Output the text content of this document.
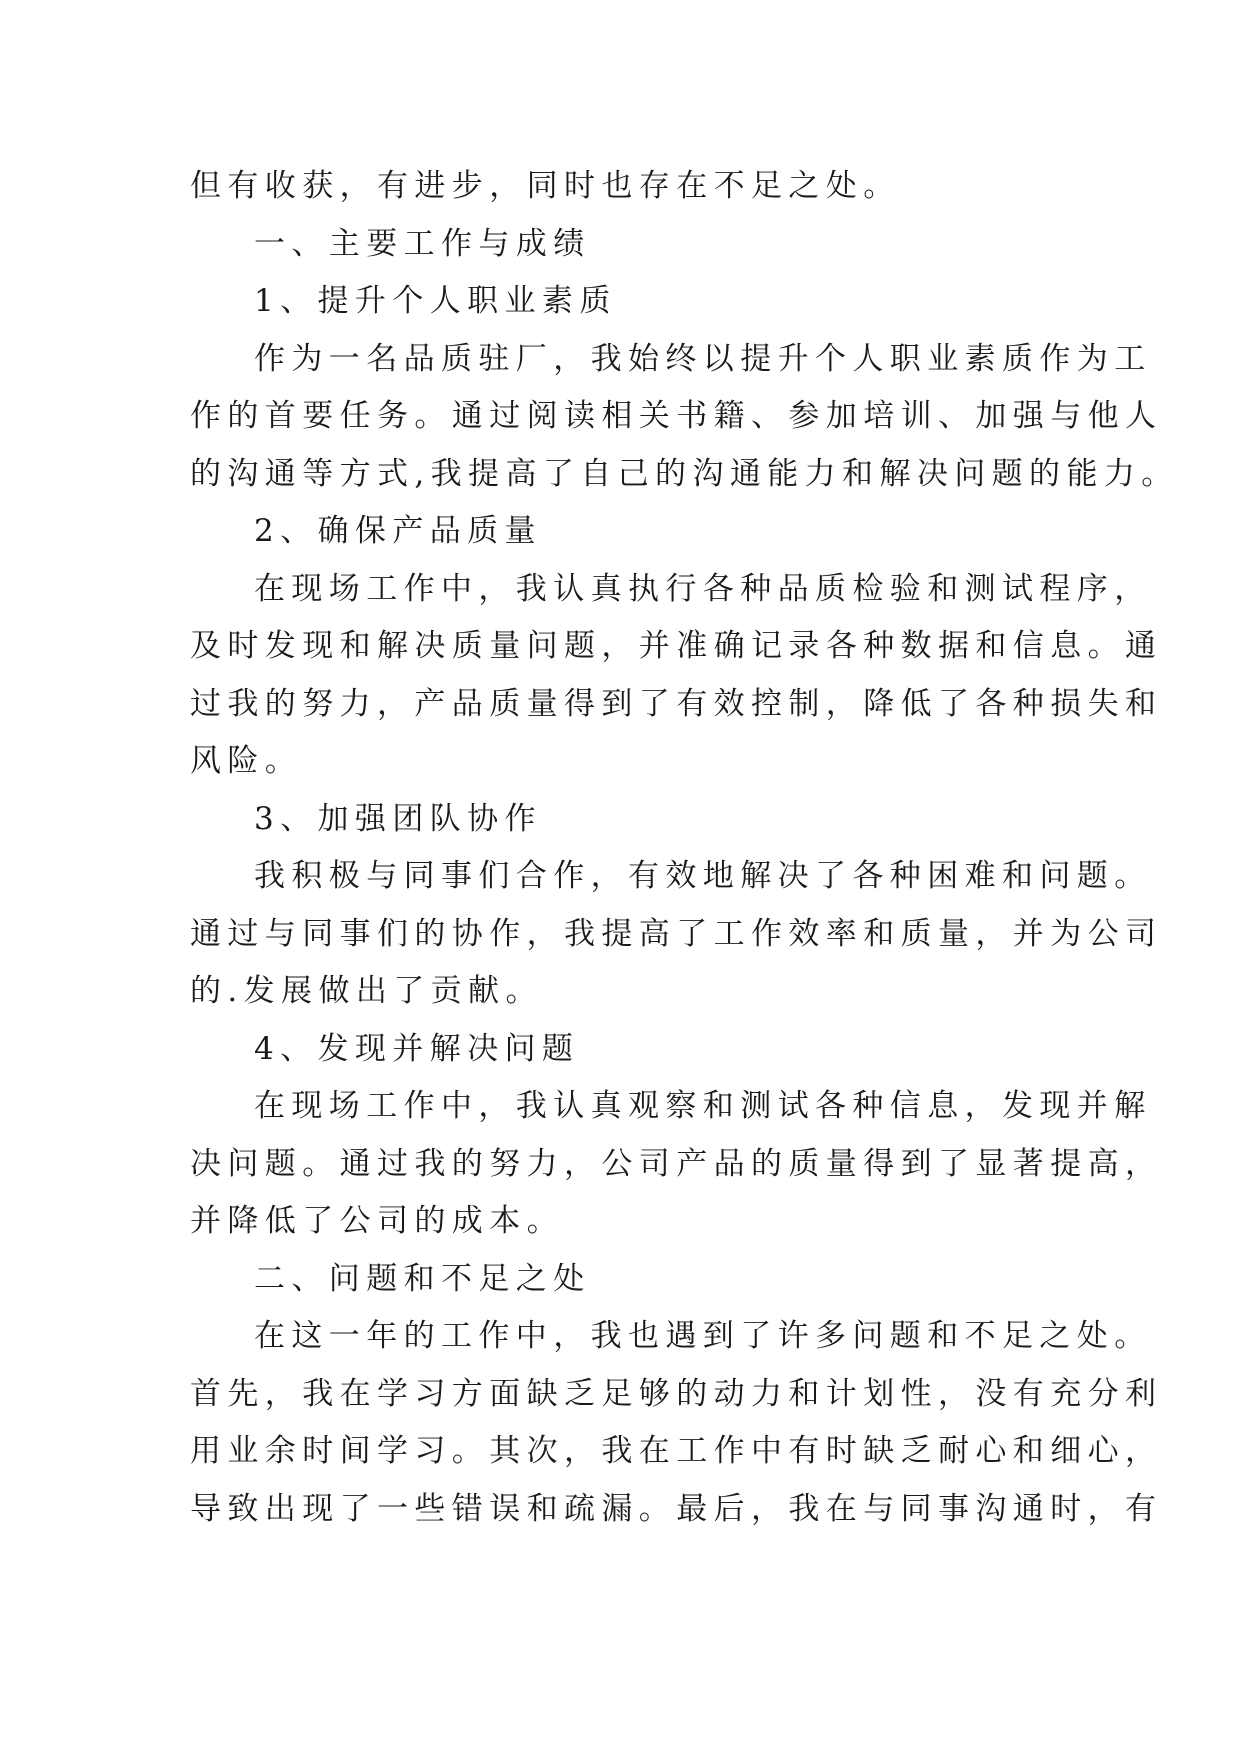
但有收获，有进步，同时也存在不足之处。
一、主要工作与成绩
1、提升个人职业素质
作为一名品质驻厂，我始终以提升个人职业素质作为工
作的首要任务。通过阅读相关书籍、参加培训、加强与他人
的沟通等方式,我提高了自己的沟通能力和解决问题的能力。
2、确保产品质量
在现场工作中，我认真执行各种品质检验和测试程序，
及时发现和解决质量问题，并准确记录各种数据和信息。通
过我的努力，产品质量得到了有效控制，降低了各种损失和
风险。
3、加强团队协作
我积极与同事们合作，有效地解决了各种困难和问题。
通过与同事们的协作，我提高了工作效率和质量，并为公司
的.发展做出了贡献。
4、发现并解决问题
在现场工作中，我认真观察和测试各种信息，发现并解
决问题。通过我的努力，公司产品的质量得到了显著提高，
并降低了公司的成本。
二、问题和不足之处
在这一年的工作中，我也遇到了许多问题和不足之处。
首先，我在学习方面缺乏足够的动力和计划性，没有充分利
用业余时间学习。其次，我在工作中有时缺乏耐心和细心，
导致出现了一些错误和疏漏。最后，我在与同事沟通时，有
